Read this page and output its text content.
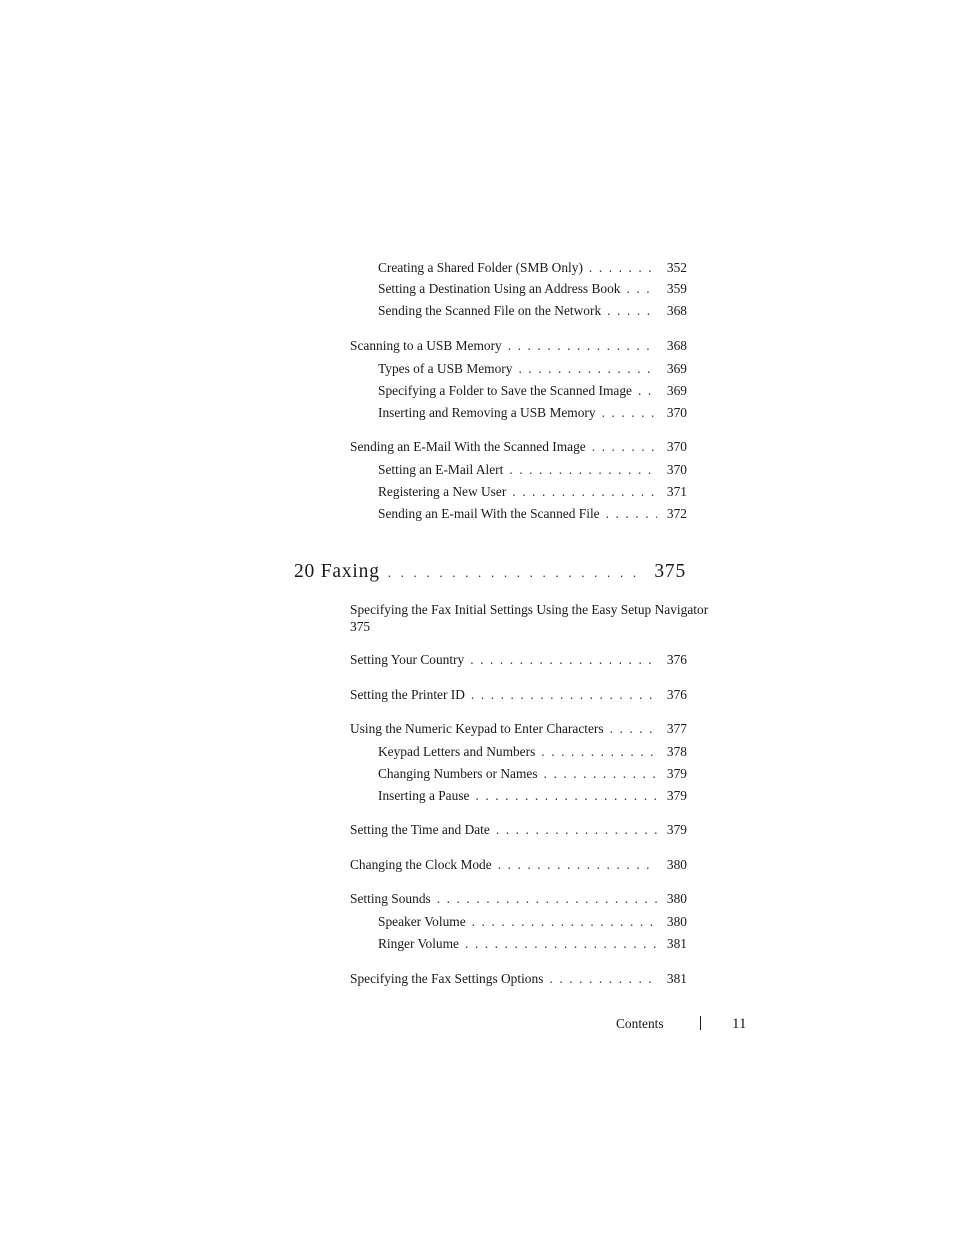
Creating a Shared Folder (SMB Only) . . .	352
Setting a Destination Using an Address Book . . .	359
Sending the Scanned File on the Network . . .	368
Scanning to a USB Memory . . .	368
Types of a USB Memory . . .	369
Specifying a Folder to Save the Scanned Image . . .	369
Inserting and Removing a USB Memory . . .	370
Sending an E-Mail With the Scanned Image . . .	370
Setting an E-Mail Alert . . .	370
Registering a New User . . .	371
Sending an E-mail With the Scanned File . . .	372
20 Faxing . . .	375
Specifying the Fax Initial Settings Using the Easy Setup Navigator
375
Setting Your Country . . .	376
Setting the Printer ID . . .	376
Using the Numeric Keypad to Enter Characters . . .	377
Keypad Letters and Numbers . . .	378
Changing Numbers or Names . . .	379
Inserting a Pause . . .	379
Setting the Time and Date . . .	379
Changing the Clock Mode . . .	380
Setting Sounds . . .	380
Speaker Volume . . .	380
Ringer Volume . . .	381
Specifying the Fax Settings Options . . .	381
Contents	11
